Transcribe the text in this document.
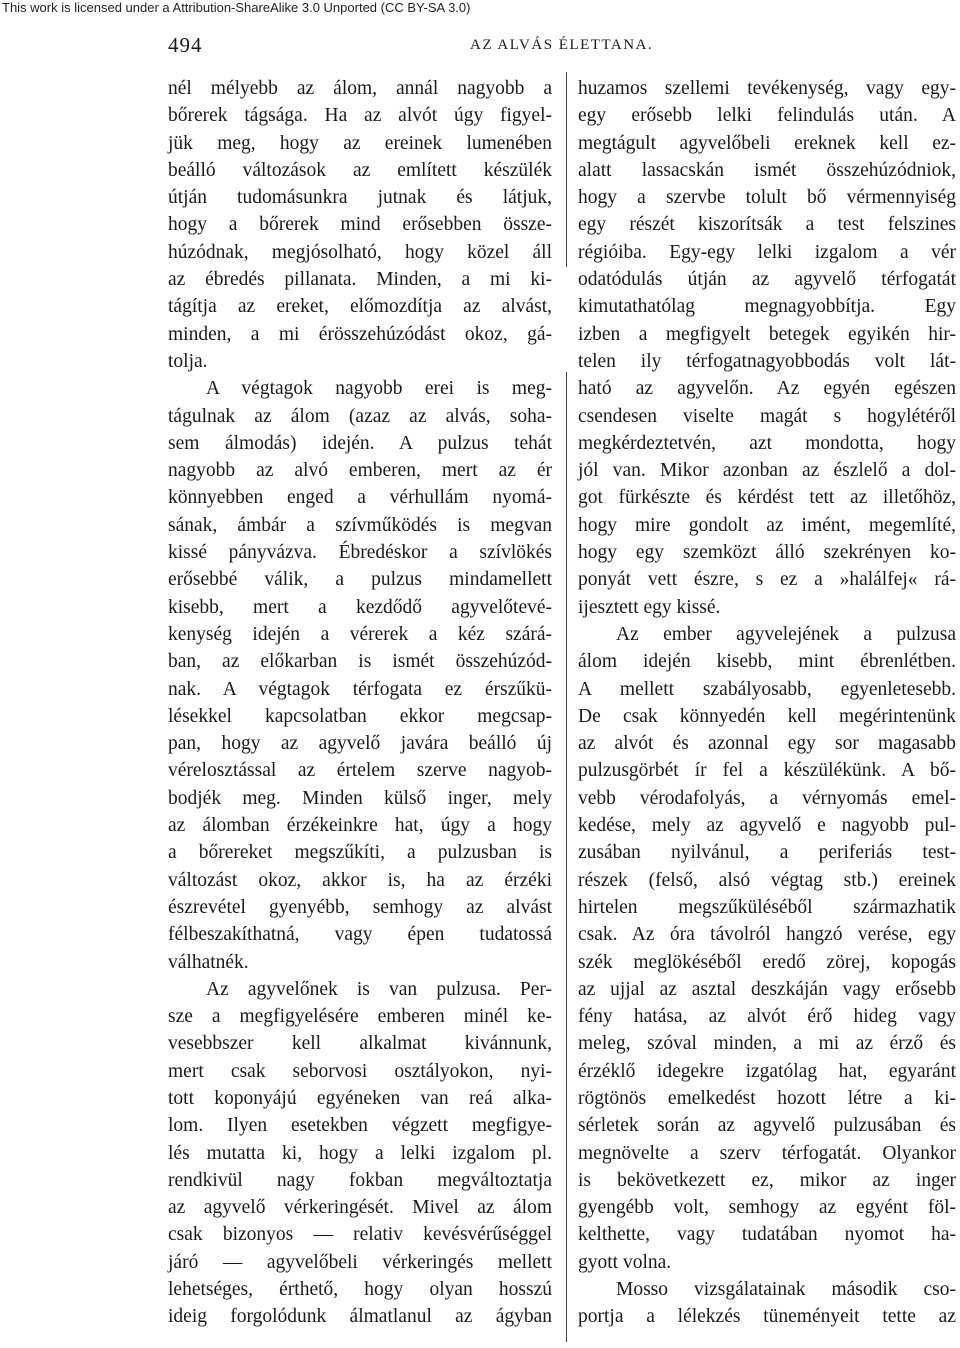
This work is licensed under a Attribution-ShareAlike 3.0 Unported (CC BY-SA 3.0)
494	AZ ALVÁS ÉLETTANA.
nél mélyebb az álom, annál nagyobb a
bőrerek tágsága. Ha az alvót úgy figyel-
jük meg, hogy az ereinek lumenében
beálló változások az említett készülék
útján tudomásunkra jutnak és látjuk,
hogy a bőrerek mind erősebben össze-
húzódnak, megjósolható, hogy közel áll
az ébredés pillanata. Minden, a mi ki-
tágítja az ereket, előmozdítja az alvást,
minden, a mi érösszehúzódást okoz, gá-
tolja.
A végtagok nagyobb erei is meg-
tágulnak az álom (azaz az alvás, soha-
sem álmodás) idején. A pulzus tehát
nagyobb az alvó emberen, mert az ér
könnyebben enged a vérhullám nyomá-
sának, ámbár a szívműködés is megvan
kissé pányvázva. Ébredéskor a szívlökés
erősebbé válik, a pulzus mindamellett
kisebb, mert a kezdődő agyvelőtevé-
kenység idején a vérerek a kéz szárá-
ban, az előkarban is ismét összehúzód-
nak. A végtagok térfogata ez érszűkü-
lésekkel kapcsolatban ekkor megcsap-
pan, hogy az agyvelő javára beálló új
vérelosztással az értelem szerve nagyob-
bodjék meg. Minden külső inger, mely
az álomban érzékeinkre hat, úgy a hogy
a bőrereket megszűkíti, a pulzusban is
változást okoz, akkor is, ha az érzéki
észrevétel gyenyébb, semhogy az alvást
félbeszakíthatná, vagy épen tudatossá
válhatnék.
Az agyvelőnek is van pulzusa. Per-
sze a megfigyelésére emberen minél ke-
vesebbszer kell alkalmat kivánnunk,
mert csak seborvosi osztályokon, nyi-
tott koponyájú egyéneken van reá alka-
lom. Ilyen esetekben végzett megfigye-
lés mutatta ki, hogy a lelki izgalom pl.
rendkivül nagy fokban megváltoztatja
az agyvelő vérkeringését. Mivel az álom
csak bizonyos — relativ kevésvérűséggel
járó — agyvelőbeli vérkeringés mellett
lehetséges, érthető, hogy olyan hosszú
ideig forgolódunk álmatlanul az ágyban
huzamos szellemi tevékenység, vagy egy-
egy erősebb lelki felindulás után. A
megtágult agyvelőbeli ereknek kell ez-
alatt lassacskán ismét összehúzódniok,
hogy a szervbe tolult bő vérmennyiség
egy részét kiszorítsák a test felszines
régióiba. Egy-egy lelki izgalom a vér
odatódulás útján az agyvelő térfogatát
kimutathatólag megnagyobbítja. Egy
izben a megfigyelt betegek egyikén hir-
telen ily térfogatnagyobbodás volt lát-
ható az agyvelőn. Az egyén egészen
csendesen viselte magát s hogylétéről
megkérdeztetvén, azt mondotta, hogy
jól van. Mikor azonban az észlelő a dol-
got fürkészte és kérdést tett az illetőhöz,
hogy mire gondolt az imént, megemlíté,
hogy egy szemközt álló szekrényen ko-
ponyát vett észre, s ez a »halálfej« rá-
ijesztett egy kissé.
Az ember agyvelejének a pulzusa
álom idején kisebb, mint ébrenlétben.
A mellett szabályosabb, egyenletesebb.
De csak könnyedén kell megérintenünk
az alvót és azonnal egy sor magasabb
pulzusgörbét ír fel a készülékünk. A bő-
vebb vérodafolyás, a vérnyomás emel-
kedése, mely az agyvelő e nagyobb pul-
zusában nyilvánul, a periferiás test-
részek (felső, alsó végtag stb.) ereinek
hirtelen megszűküléséből származhatik
csak. Az óra távolról hangzó verése, egy
szék meglökéséből eredő zörej, kopogás
az ujjal az asztal deszkáján vagy erősebb
fény hatása, az alvót érő hideg vagy
meleg, szóval minden, a mi az érző és
érzéklő idegekre izgatólag hat, egyaránt
rögtönös emelkedést hozott létre a ki-
sérletek során az agyvelő pulzusában és
megnövelte a szerv térfogatát. Olyankor
is bekövetkezett ez, mikor az inger
gyengébb volt, semhogy az egyént föl-
kelthette, vagy tudatában nyomot ha-
gyott volna.
Mosso vizsgálatainak második cso-
portja a lélekzés tüneményeit tette az
